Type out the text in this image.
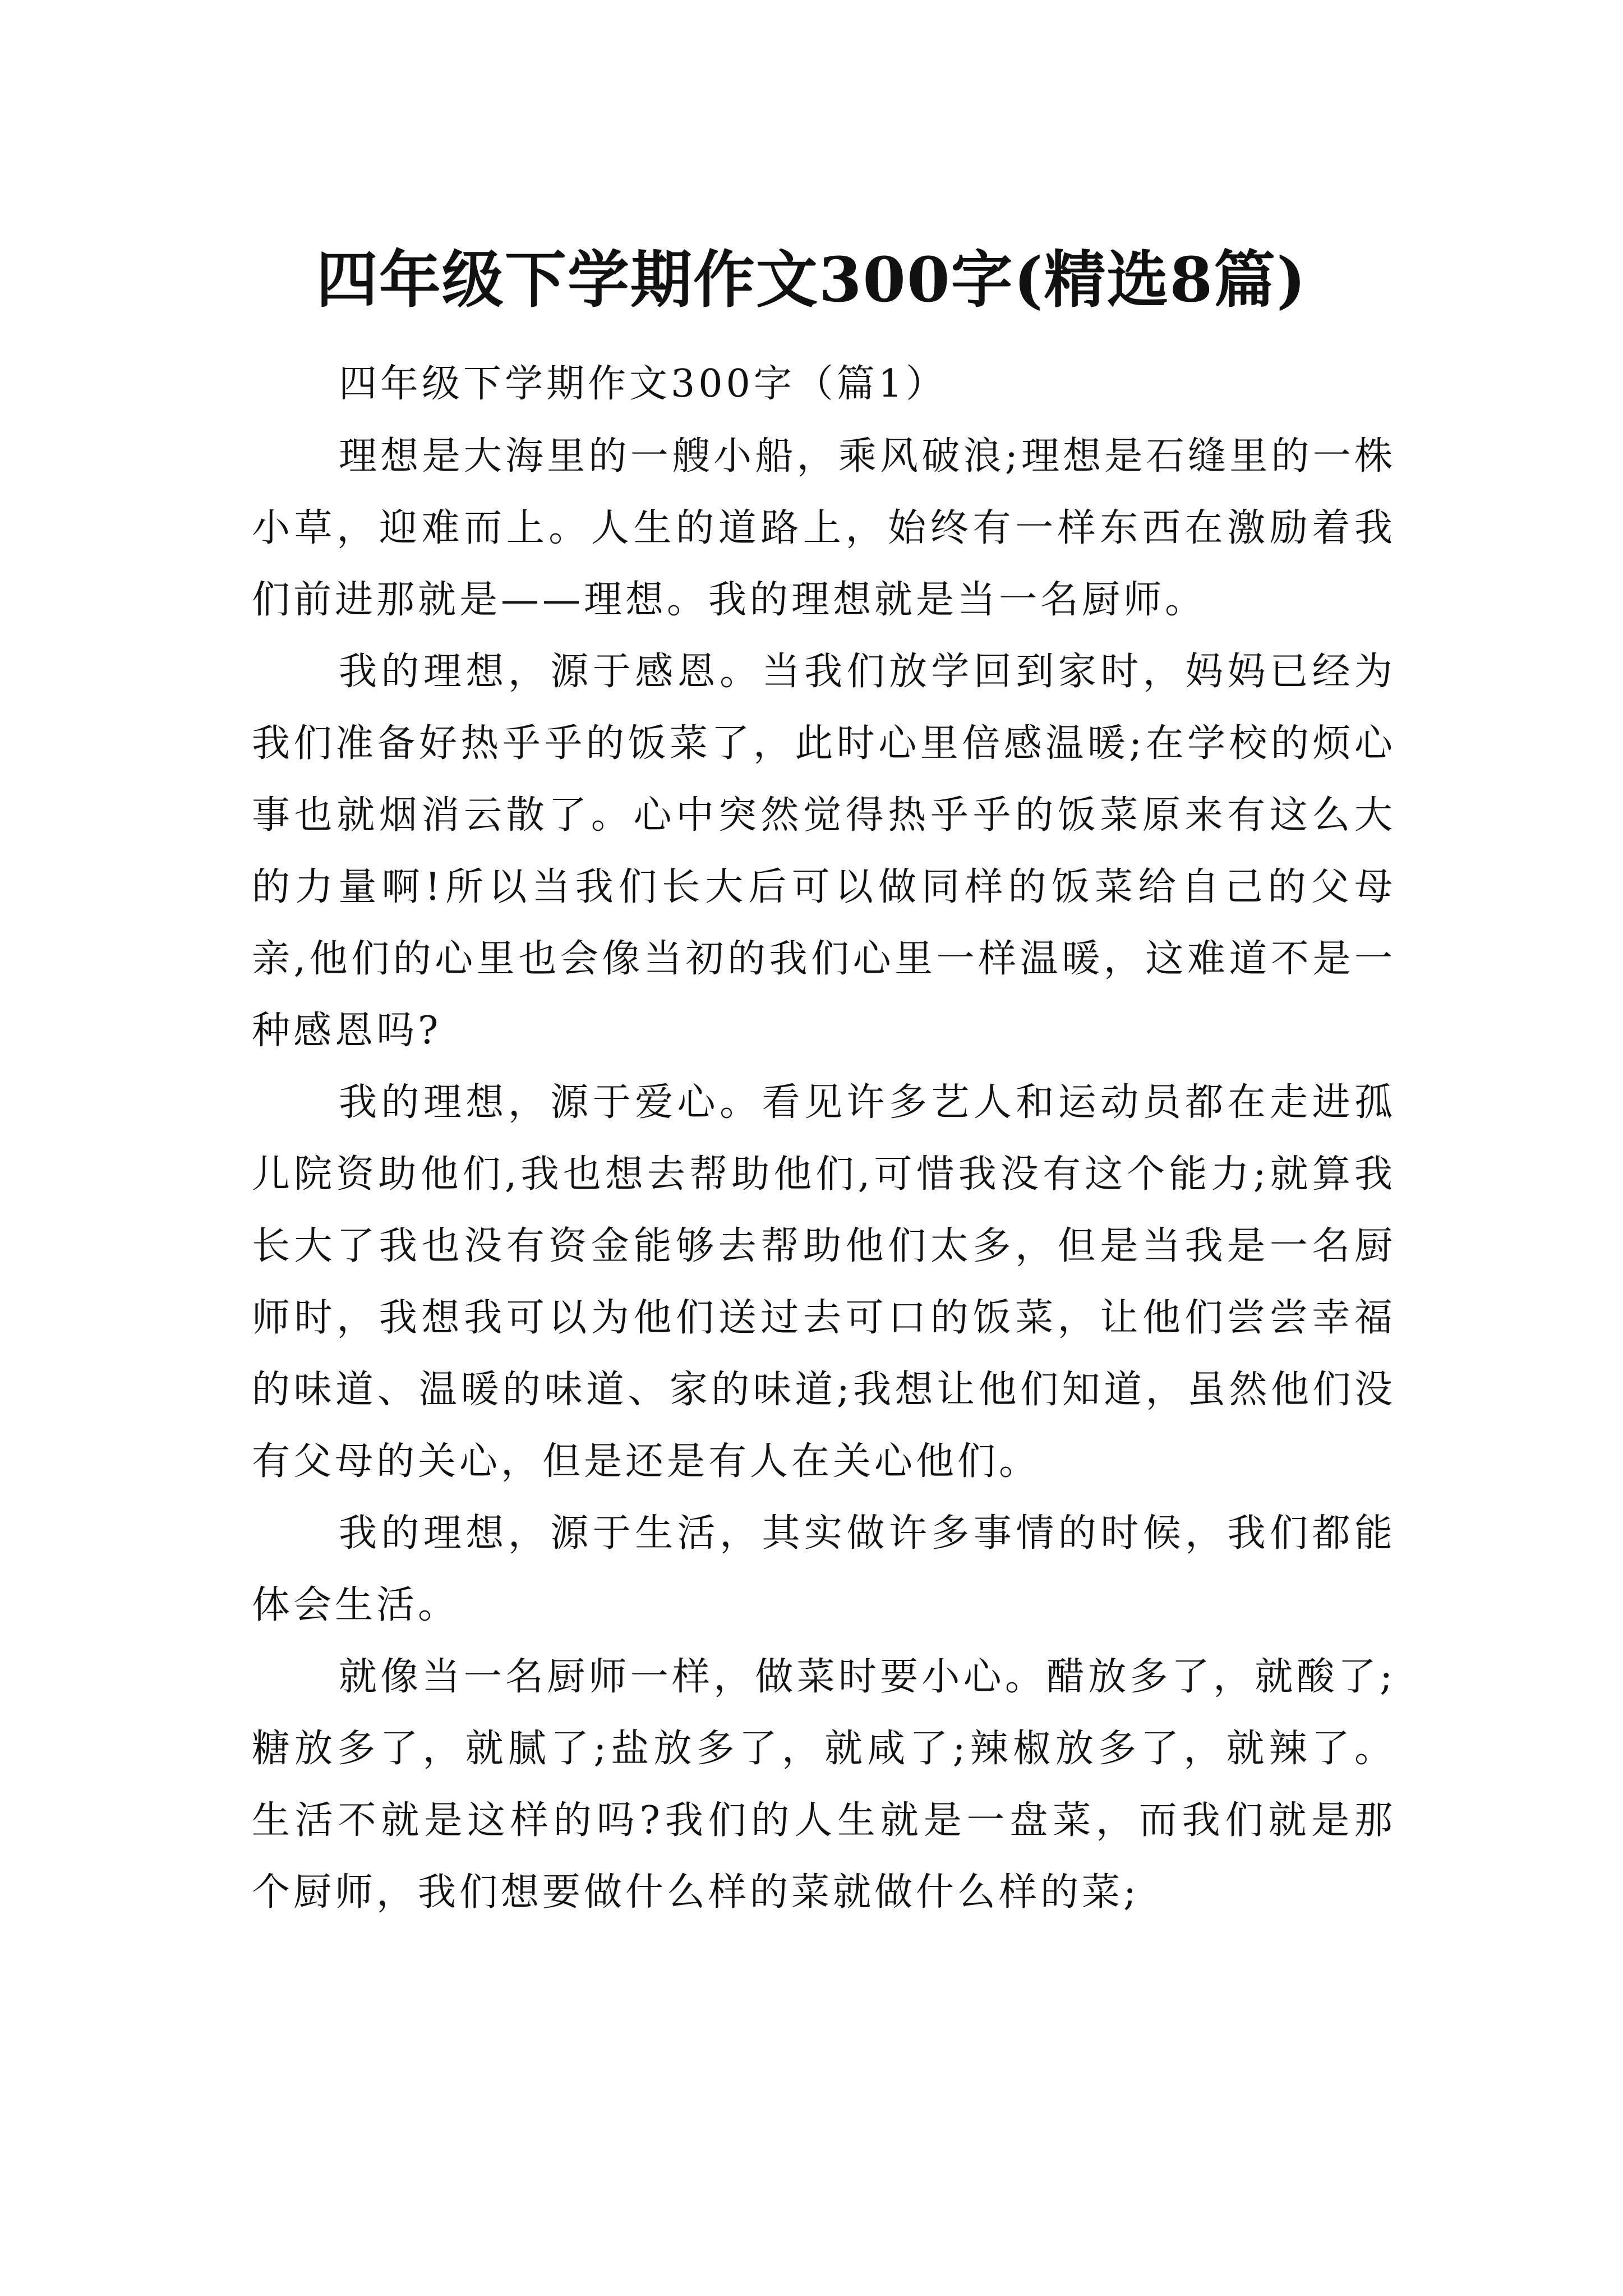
四年级下学期作文300字(精选8篇)

四年级下学期作文300字（篇1）

理想是大海里的一艘小船，乘风破浪;理想是石缝里的一株小草，迎难而上。人生的道路上，始终有一样东西在激励着我们前进那就是——理想。我的理想就是当一名厨师。

我的理想，源于感恩。当我们放学回到家时，妈妈已经为我们准备好热乎乎的饭菜了，此时心里倍感温暖;在学校的烦心事也就烟消云散了。心中突然觉得热乎乎的饭菜原来有这么大的力量啊!所以当我们长大后可以做同样的饭菜给自己的父母亲,他们的心里也会像当初的我们心里一样温暖，这难道不是一种感恩吗?

我的理想，源于爱心。看见许多艺人和运动员都在走进孤儿院资助他们,我也想去帮助他们,可惜我没有这个能力;就算我长大了我也没有资金能够去帮助他们太多，但是当我是一名厨师时，我想我可以为他们送过去可口的饭菜，让他们尝尝幸福的味道、温暖的味道、家的味道;我想让他们知道，虽然他们没有父母的关心，但是还是有人在关心他们。

我的理想，源于生活，其实做许多事情的时候，我们都能体会生活。

就像当一名厨师一样，做菜时要小心。醋放多了，就酸了;糖放多了，就腻了;盐放多了，就咸了;辣椒放多了，就辣了。生活不就是这样的吗?我们的人生就是一盘菜，而我们就是那个厨师，我们想要做什么样的菜就做什么样的菜;
